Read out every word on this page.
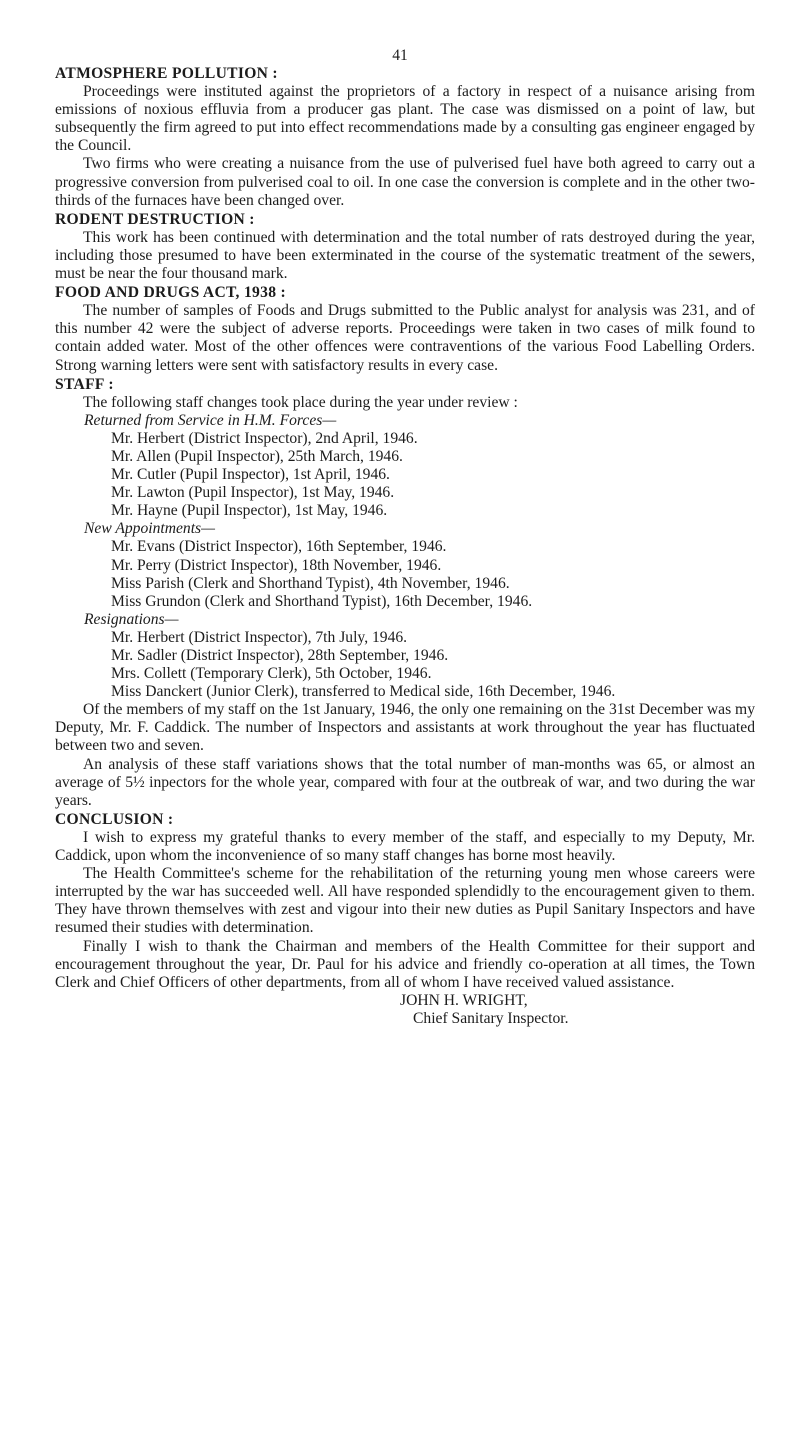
41
ATMOSPHERE POLLUTION :

Proceedings were instituted against the proprietors of a factory in respect of a nuisance arising from emissions of noxious effluvia from a producer gas plant. The case was dismissed on a point of law, but subsequently the firm agreed to put into effect recommendations made by a consulting gas engineer engaged by the Council.

Two firms who were creating a nuisance from the use of pulverised fuel have both agreed to carry out a progressive conversion from pulverised coal to oil. In one case the conversion is complete and in the other two-thirds of the furnaces have been changed over.

RODENT DESTRUCTION :

This work has been continued with determination and the total number of rats destroyed during the year, including those presumed to have been exterminated in the course of the systematic treatment of the sewers, must be near the four thousand mark.

FOOD AND DRUGS ACT, 1938 :

The number of samples of Foods and Drugs submitted to the Public analyst for analysis was 231, and of this number 42 were the subject of adverse reports. Proceedings were taken in two cases of milk found to contain added water. Most of the other offences were contraventions of the various Food Labelling Orders. Strong warning letters were sent with satisfactory results in every case.

STAFF :

The following staff changes took place during the year under review :

Returned from Service in H.M. Forces—
Mr. Herbert (District Inspector), 2nd April, 1946.
Mr. Allen (Pupil Inspector), 25th March, 1946.
Mr. Cutler (Pupil Inspector), 1st April, 1946.
Mr. Lawton (Pupil Inspector), 1st May, 1946.
Mr. Hayne (Pupil Inspector), 1st May, 1946.
New Appointments—
Mr. Evans (District Inspector), 16th September, 1946.
Mr. Perry (District Inspector), 18th November, 1946.
Miss Parish (Clerk and Shorthand Typist), 4th November, 1946.
Miss Grundon (Clerk and Shorthand Typist), 16th December, 1946.
Resignations—
Mr. Herbert (District Inspector), 7th July, 1946.
Mr. Sadler (District Inspector), 28th September, 1946.
Mrs. Collett (Temporary Clerk), 5th October, 1946.
Miss Danckert (Junior Clerk), transferred to Medical side, 16th December, 1946.

Of the members of my staff on the 1st January, 1946, the only one remaining on the 31st December was my Deputy, Mr. F. Caddick. The number of Inspectors and assistants at work throughout the year has fluctuated between two and seven.

An analysis of these staff variations shows that the total number of man-months was 65, or almost an average of 5½ inpectors for the whole year, compared with four at the outbreak of war, and two during the war years.

CONCLUSION :

I wish to express my grateful thanks to every member of the staff, and especially to my Deputy, Mr. Caddick, upon whom the inconvenience of so many staff changes has borne most heavily.

The Health Committee's scheme for the rehabilitation of the returning young men whose careers were interrupted by the war has succeeded well. All have responded splendidly to the encouragement given to them. They have thrown themselves with zest and vigour into their new duties as Pupil Sanitary Inspectors and have resumed their studies with determination.

Finally I wish to thank the Chairman and members of the Health Committee for their support and encouragement throughout the year, Dr. Paul for his advice and friendly co-operation at all times, the Town Clerk and Chief Officers of other departments, from all of whom I have received valued assistance.

JOHN H. WRIGHT,
Chief Sanitary Inspector.
